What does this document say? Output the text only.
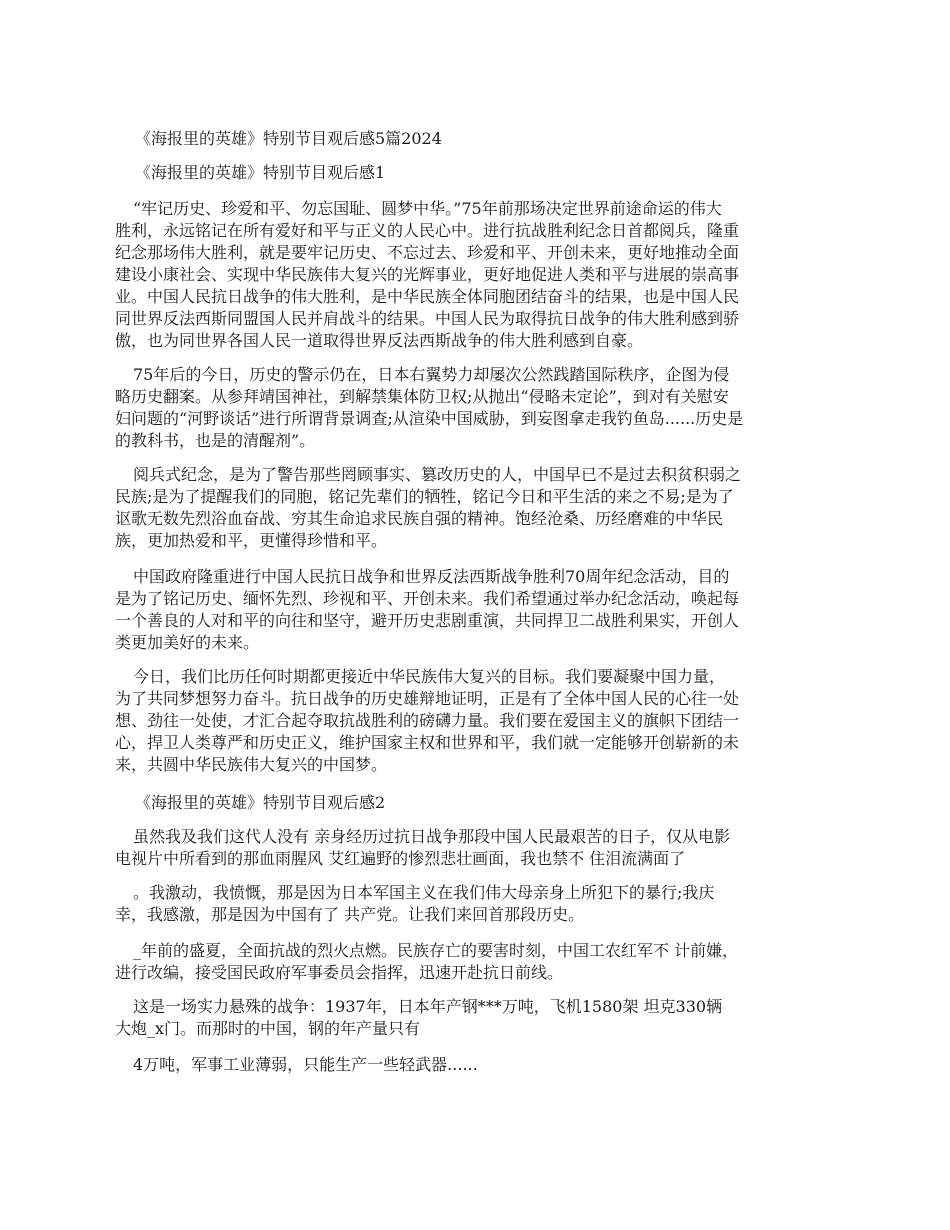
《海报里的英雄》特别节目观后感5篇2024
《海报里的英雄》特别节目观后感1

“牢记历史、珍爱和平、勿忘国耻、圆梦中华。”75年前那场决定世界前途命运的伟大
胜利，永远铭记在所有爱好和平与正义的人民心中。进行抗战胜利纪念日首都阅兵，隆重
纪念那场伟大胜利，就是要牢记历史、不忘过去、珍爱和平、开创未来，更好地推动全面
建设小康社会、实现中华民族伟大复兴的光辉事业，更好地促进人类和平与进展的崇高事
业。中国人民抗日战争的伟大胜利，是中华民族全体同胞团结奋斗的结果，也是中国人民
同世界反法西斯同盟国人民并肩战斗的结果。中国人民为取得抗日战争的伟大胜利感到骄
傲，也为同世界各国人民一道取得世界反法西斯战争的伟大胜利感到自豪。

75年后的今日，历史的警示仍在，日本右翼势力却屡次公然践踏国际秩序，企图为侵
略历史翻案。从参拜靖国神社，到解禁集体防卫权;从抛出“侵略未定论”，到对有关慰安
妇问题的“河野谈话”进行所谓背景调查;从渲染中国威胁，到妄图拿走我钓鱼岛......历史是
的教科书，也是的清醒剂”。

阅兵式纪念，是为了警告那些罔顾事实、篡改历史的人，中国早已不是过去积贫积弱之
民族;是为了提醒我们的同胞，铭记先辈们的牺牲，铭记今日和平生活的来之不易;是为了
讴歌无数先烈浴血奋战、穷其生命追求民族自强的精神。饱经沧桑、历经磨难的中华民
族，更加热爱和平，更懂得珍惜和平。

中国政府隆重进行中国人民抗日战争和世界反法西斯战争胜利70周年纪念活动，目的
是为了铭记历史、缅怀先烈、珍视和平、开创未来。我们希望通过举办纪念活动，唤起每
一个善良的人对和平的向往和坚守，避开历史悲剧重演，共同捍卫二战胜利果实，开创人
类更加美好的未来。

今日，我们比历任何时期都更接近中华民族伟大复兴的目标。我们要凝聚中国力量，
为了共同梦想努力奋斗。抗日战争的历史雄辩地证明，正是有了全体中国人民的心往一处
想、劲往一处使，才汇合起夺取抗战胜利的磅礴力量。我们要在爱国主义的旗帜下团结一
心，捍卫人类尊严和历史正义，维护国家主权和世界和平，我们就一定能够开创崭新的未
来，共圆中华民族伟大复兴的中国梦。

《海报里的英雄》特别节目观后感2

虽然我及我们这代人没有 亲身经历过抗日战争那段中国人民最艰苦的日子，仅从电影
电视片中所看到的那血雨腥风 艾红遍野的惨烈悲壮画面，我也禁不 住泪流满面了

。我激动，我愤慨，那是因为日本军国主义在我们伟大母亲身上所犯下的暴行;我庆
幸，我感激，那是因为中国有了 共产党。让我们来回首那段历史。

_年前的盛夏，全面抗战的烈火点燃。民族存亡的要害时刻，中国工农红军不 计前嫌，
进行改编，接受国民政府军事委员会指挥，迅速开赴抗日前线。

这是一场实力悬殊的战争：1937年，日本年产钢***万吨，飞机1580架 坦克330辆
大炮_x门。而那时的中国，钢的年产量只有

4万吨，军事工业薄弱，只能生产一些轻武器......
